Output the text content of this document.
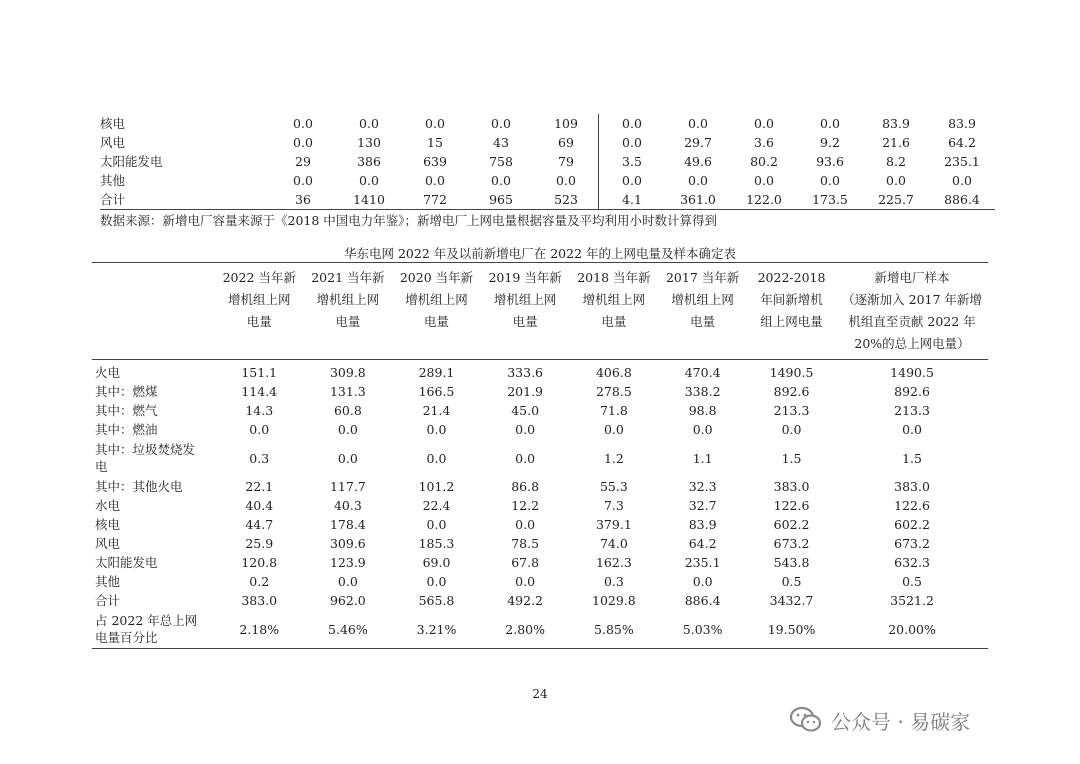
核电	0.0	0.0	0.0	0.0	109	0.0	0.0	0.0	0.0	83.9	83.9
风电	0.0	130	15	43	69	0.0	29.7	3.6	9.2	21.6	64.2
太阳能发电	29	386	639	758	79	3.5	49.6	80.2	93.6	8.2	235.1
其他	0.0	0.0	0.0	0.0	0.0	0.0	0.0	0.0	0.0	0.0	0.0
合计	36	1410	772	965	523	4.1	361.0	122.0	173.5	225.7	886.4
数据来源：新增电厂容量来源于《2018 中国电力年鉴》；新增电厂上网电量根据容量及平均利用小时数计算得到
华东电网 2022 年及以前新增电厂在 2022 年的上网电量及样本确定表
	2022 当年新
增机组上网
电量	2021 当年新
增机组上网
电量	2020 当年新
增机组上网
电量	2019 当年新
增机组上网
电量	2018 当年新
增机组上网
电量	2017 当年新
增机组上网
电量	2022-2018
年间新增机
组上网电量	新增电厂样本
（逐渐加入 2017 年新增
机组直至贡献 2022 年
20%的总上网电量）
火电	151.1	309.8	289.1	333.6	406.8	470.4	1490.5	1490.5
其中：燃煤	114.4	131.3	166.5	201.9	278.5	338.2	892.6	892.6
其中：燃气	14.3	60.8	21.4	45.0	71.8	98.8	213.3	213.3
其中：燃油	0.0	0.0	0.0	0.0	0.0	0.0	0.0	0.0
其中：垃圾焚烧发
电	0.3	0.0	0.0	0.0	1.2	1.1	1.5	1.5
其中：其他火电	22.1	117.7	101.2	86.8	55.3	32.3	383.0	383.0
水电	40.4	40.3	22.4	12.2	7.3	32.7	122.6	122.6
核电	44.7	178.4	0.0	0.0	379.1	83.9	602.2	602.2
风电	25.9	309.6	185.3	78.5	74.0	64.2	673.2	673.2
太阳能发电	120.8	123.9	69.0	67.8	162.3	235.1	543.8	632.3
其他	0.2	0.0	0.0	0.0	0.3	0.0	0.5	0.5
合计	383.0	962.0	565.8	492.2	1029.8	886.4	3432.7	3521.2
占 2022 年总上网
电量百分比	2.18%	5.46%	3.21%	2.80%	5.85%	5.03%	19.50%	20.00%
24
公众号 · 易碳家
